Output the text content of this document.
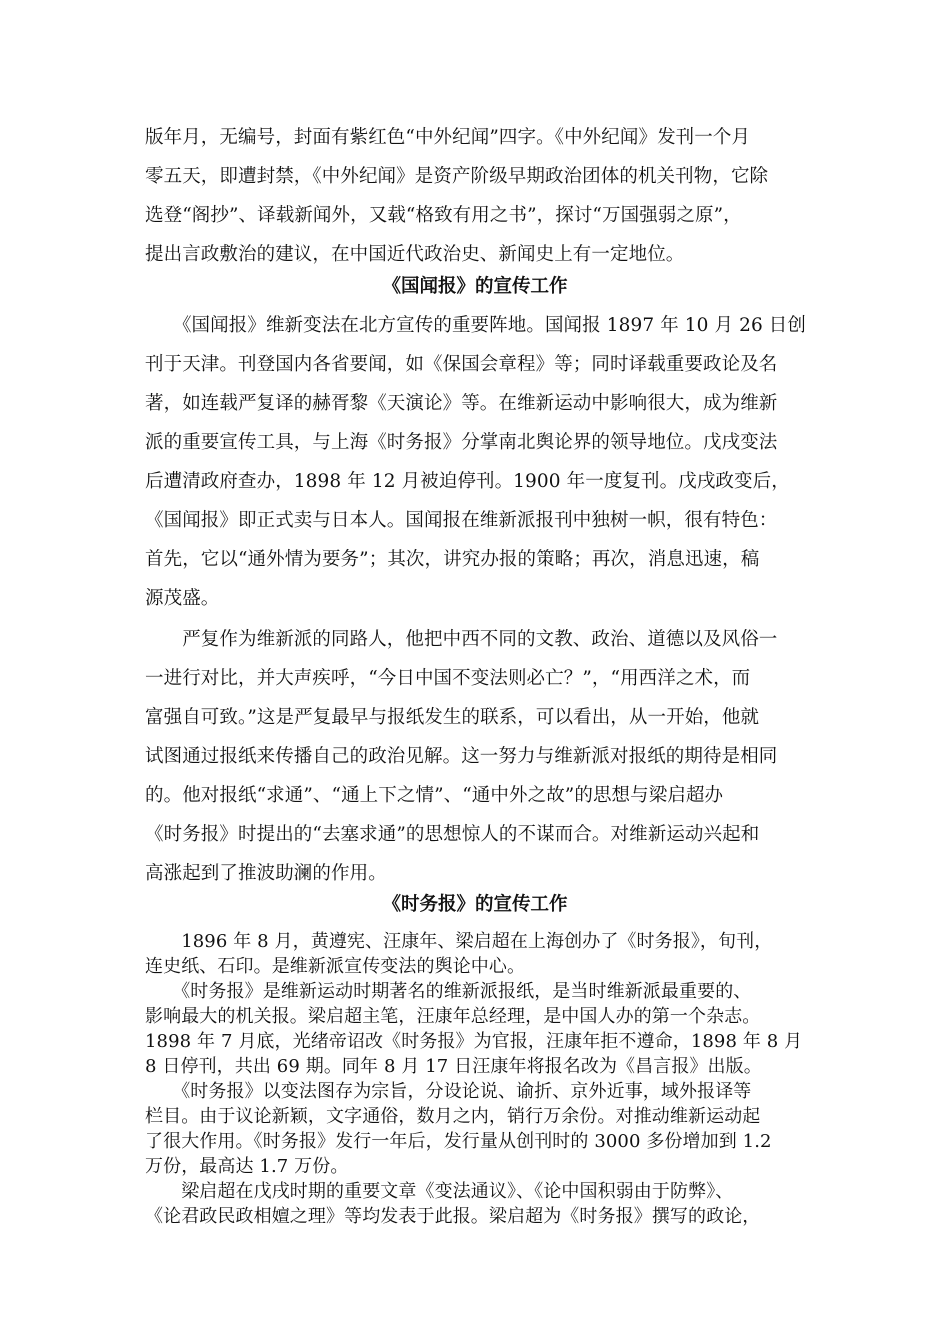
版年月，无编号，封面有紫红色“中外纪闻”四字。《中外纪闻》发刊一个月
零五天，即遭封禁，《中外纪闻》是资产阶级早期政治团体的机关刊物，它除
选登“阁抄”、译载新闻外，又载“格致有用之书”，探讨“万国强弱之原”，
提出言政敷治的建议，在中国近代政治史、新闻史上有一定地位。
《国闻报》的宣传工作
　　《国闻报》维新变法在北方宣传的重要阵地。国闻报 1897 年 10 月 26 日创
刊于天津。刊登国内各省要闻，如《保国会章程》等；同时译载重要政论及名
著，如连载严复译的赫胥黎《天演论》等。在维新运动中影响很大，成为维新
派的重要宣传工具，与上海《时务报》分掌南北舆论界的领导地位。戊戌变法
后遭清政府查办，1898 年 12 月被迫停刊。1900 年一度复刊。戊戌政变后，
《国闻报》即正式卖与日本人。国闻报在维新派报刊中独树一帜，很有特色：
首先，它以“通外情为要务”；其次，讲究办报的策略；再次，消息迅速，稿
源茂盛。
　　严复作为维新派的同路人，他把中西不同的文教、政治、道德以及风俗一
一进行对比，并大声疾呼，“今日中国不变法则必亡？”，“用西洋之术，而
富强自可致。”这是严复最早与报纸发生的联系，可以看出，从一开始，他就
试图通过报纸来传播自己的政治见解。这一努力与维新派对报纸的期待是相同
的。他对报纸“求通”、“通上下之情”、“通中外之故”的思想与梁启超办
《时务报》时提出的“去塞求通”的思想惊人的不谋而合。对维新运动兴起和
高涨起到了推波助澜的作用。
《时务报》的宣传工作
　　1896 年 8 月，黄遵宪、汪康年、梁启超在上海创办了《时务报》，旬刊，
连史纸、石印。是维新派宣传变法的舆论中心。
　　《时务报》是维新运动时期著名的维新派报纸，是当时维新派最重要的、
影响最大的机关报。梁启超主笔，汪康年总经理，是中国人办的第一个杂志。
1898 年 7 月底，光绪帝诏改《时务报》为官报，汪康年拒不遵命，1898 年 8 月
8 日停刊，共出 69 期。同年 8 月 17 日汪康年将报名改为《昌言报》出版。
　　《时务报》以变法图存为宗旨，分设论说、谕折、京外近事，域外报译等
栏目。由于议论新颖，文字通俗，数月之内，销行万余份。对推动维新运动起
了很大作用。《时务报》发行一年后，发行量从创刊时的 3000 多份增加到 1.2
万份，最高达 1.7 万份。
　　梁启超在戊戌时期的重要文章《变法通议》、《论中国积弱由于防弊》、
《论君政民政相嬗之理》等均发表于此报。梁启超为《时务报》撰写的政论，
